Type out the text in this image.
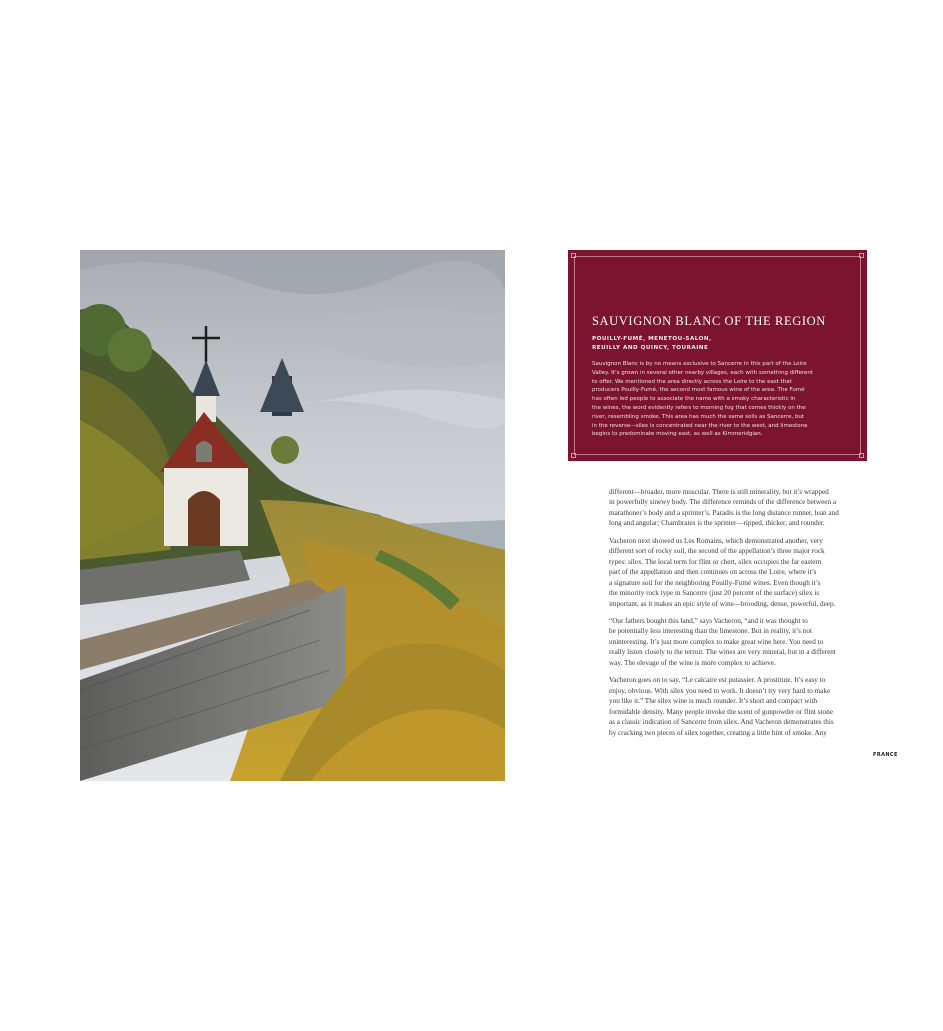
SAUVIGNON BLANC OF THE REGION
POUILLY-FUMÉ, MENETOU-SALON,
REUILLY AND QUINCY, TOURAINE
Sauvignon Blanc is by no means exclusive to Sancerre in this part of the Loire
Valley. It’s grown in several other nearby villages, each with something different
to offer. We mentioned the area directly across the Loire to the east that
producers Pouilly-Fumé, the second most famous wine of the area. The Fumé
has often led people to associate the name with a smoky characteristic in
the wines, the word evidently refers to morning fog that comes thickly on the
river, resembling smoke. This area has much the same soils as Sancerre, but
in the reverse—silex is concentrated near the river to the west, and limestone
begins to predominate moving east, as well as Kimmeridgian.
different—broader, more muscular. There is still minerality, but it’s wrapped
in powerfully sinewy body. The difference reminds of the difference between a
marathoner’s body and a sprinter’s. Paradis is the long distance runner, lean and
long and angular; Chambrates is the sprinter—ripped, thicker, and rounder.
Vacheron next showed us Les Romains, which demonstrated another, very
different sort of rocky soil, the second of the appellation’s three major rock
types: silex. The local term for flint or chert, silex occupies the far eastern
part of the appellation and then continues on across the Loire, where it’s
a signature soil for the neighboring Pouilly-Fumé wines. Even though it’s
the minority rock type in Sancerre (just 20 percent of the surface) silex is
important, as it makes an epic style of wine—brooding, dense, powerful, deep.
“Our fathers bought this land,” says Vacheron, “and it was thought to
be potentially less interesting than the limestone. But in reality, it’s not
uninteresting. It’s just more complex to make great wine here. You need to
really listen closely to the terroir. The wines are very mineral, but in a different
way. The elevage of the wine is more complex to achieve.
Vacheron goes on to say, “Le calcaire est putassier. A prostitute. It’s easy to
enjoy, obvious. With silex you need to work. It doesn’t try very hard to make
you like it.” The silex wine is much rounder. It’s short and compact with
formidable density. Many people invoke the scent of gunpowder or flint stone
as a classic indication of Sancerre from silex. And Vacheron demonstrates this
by cracking two pieces of silex together, creating a little hint of smoke. Any
FRANCE
